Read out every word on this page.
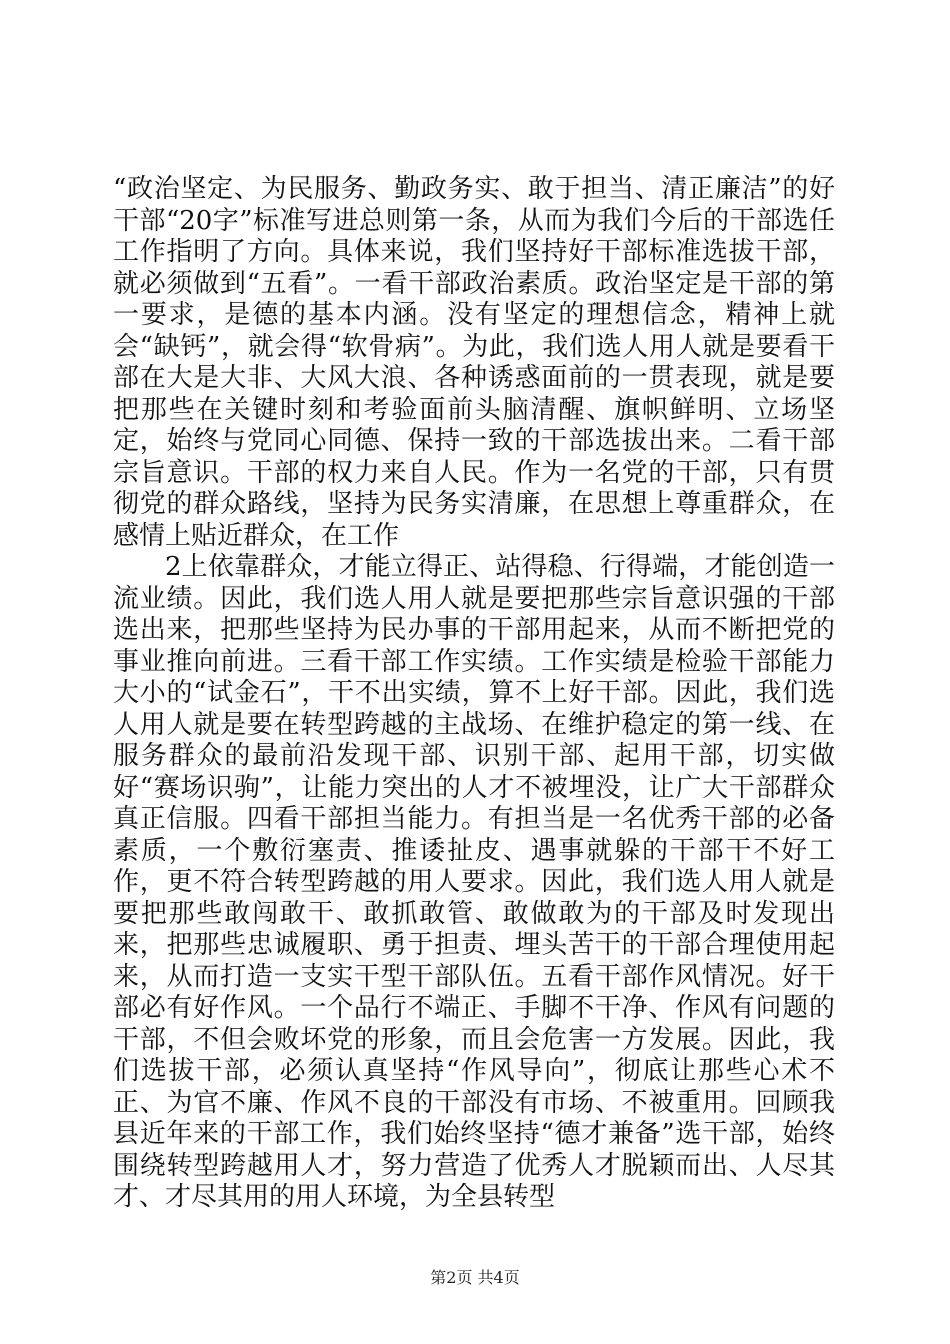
“政治坚定、为民服务、勤政务实、敢于担当、清正廉洁”的好干部“20字”标准写进总则第一条，从而为我们今后的干部选任工作指明了方向。具体来说，我们坚持好干部标准选拔干部，就必须做到“五看”。一看干部政治素质。政治坚定是干部的第一要求，是德的基本内涵。没有坚定的理想信念，精神上就会“缺钙”，就会得“软骨病”。为此，我们选人用人就是要看干部在大是大非、大风大浪、各种诱惑面前的一贯表现，就是要把那些在关键时刻和考验面前头脑清醒、旗帜鲜明、立场坚定，始终与党同心同德、保持一致的干部选拔出来。二看干部宗旨意识。干部的权力来自人民。作为一名党的干部，只有贯彻党的群众路线，坚持为民务实清廉，在思想上尊重群众，在感情上贴近群众，在工作

2上依靠群众，才能立得正、站得稳、行得端，才能创造一流业绩。因此，我们选人用人就是要把那些宗旨意识强的干部选出来，把那些坚持为民办事的干部用起来，从而不断把党的事业推向前进。三看干部工作实绩。工作实绩是检验干部能力大小的“试金石”，干不出实绩，算不上好干部。因此，我们选人用人就是要在转型跨越的主战场、在维护稳定的第一线、在服务群众的最前沿发现干部、识别干部、起用干部，切实做好“赛场识驹”，让能力突出的人才不被埋没，让广大干部群众真正信服。四看干部担当能力。有担当是一名优秀干部的必备素质，一个敷衍塞责、推诿扯皮、遇事就躲的干部干不好工作，更不符合转型跨越的用人要求。因此，我们选人用人就是要把那些敢闯敢干、敢抓敢管、敢做敢为的干部及时发现出来，把那些忠诚履职、勇于担责、埋头苦干的干部合理使用起来，从而打造一支实干型干部队伍。五看干部作风情况。好干部必有好作风。一个品行不端正、手脚不干净、作风有问题的干部，不但会败坏党的形象，而且会危害一方发展。因此，我们选拔干部，必须认真坚持“作风导向”，彻底让那些心术不正、为官不廉、作风不良的干部没有市场、不被重用。回顾我县近年来的干部工作，我们始终坚持“德才兼备”选干部，始终围绕转型跨越用人才，努力营造了优秀人才脱颖而出、人尽其才、才尽其用的用人环境，为全县转型

第2页 共4页
